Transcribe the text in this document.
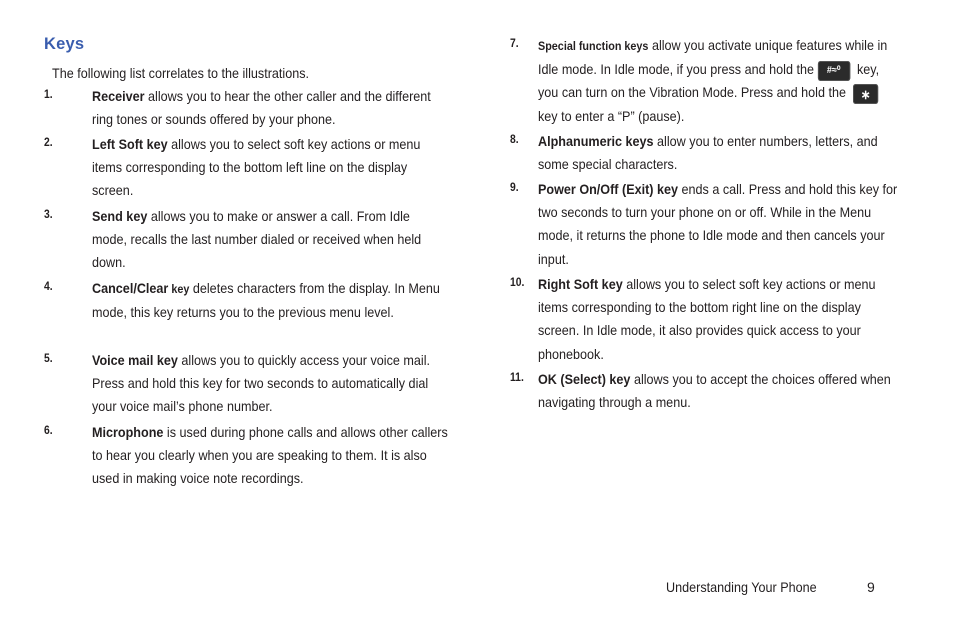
Keys
The following list correlates to the illustrations.
1.	Receiver allows you to hear the other caller and the different ring tones or sounds offered by your phone.
2.	Left Soft key allows you to select soft key actions or menu items corresponding to the bottom left line on the display screen.
3.	Send key allows you to make or answer a call. From Idle mode, recalls the last number dialed or received when held down.
4.	Cancel/Clear key deletes characters from the display. In Menu mode, this key returns you to the previous menu level.
5.	Voice mail key allows you to quickly access your voice mail. Press and hold this key for two seconds to automatically dial your voice mail’s phone number.
6.	Microphone is used during phone calls and allows other callers to hear you clearly when you are speaking to them. It is also used in making voice note recordings.
7. Special function keys allow you activate unique features while in Idle mode. In Idle mode, if you press and hold the #≈⁰ key, you can turn on the Vibration Mode. Press and hold the ∗ key to enter a “P” (pause).
8. Alphanumeric keys allow you to enter numbers, letters, and some special characters.
9. Power On/Off (Exit) key ends a call. Press and hold this key for two seconds to turn your phone on or off. While in the Menu mode, it returns the phone to Idle mode and then cancels your input.
10. Right Soft key allows you to select soft key actions or menu items corresponding to the bottom right line on the display screen. In Idle mode, it also provides quick access to your phonebook.
11. OK (Select) key allows you to accept the choices offered when navigating through a menu.
Understanding Your Phone	9
